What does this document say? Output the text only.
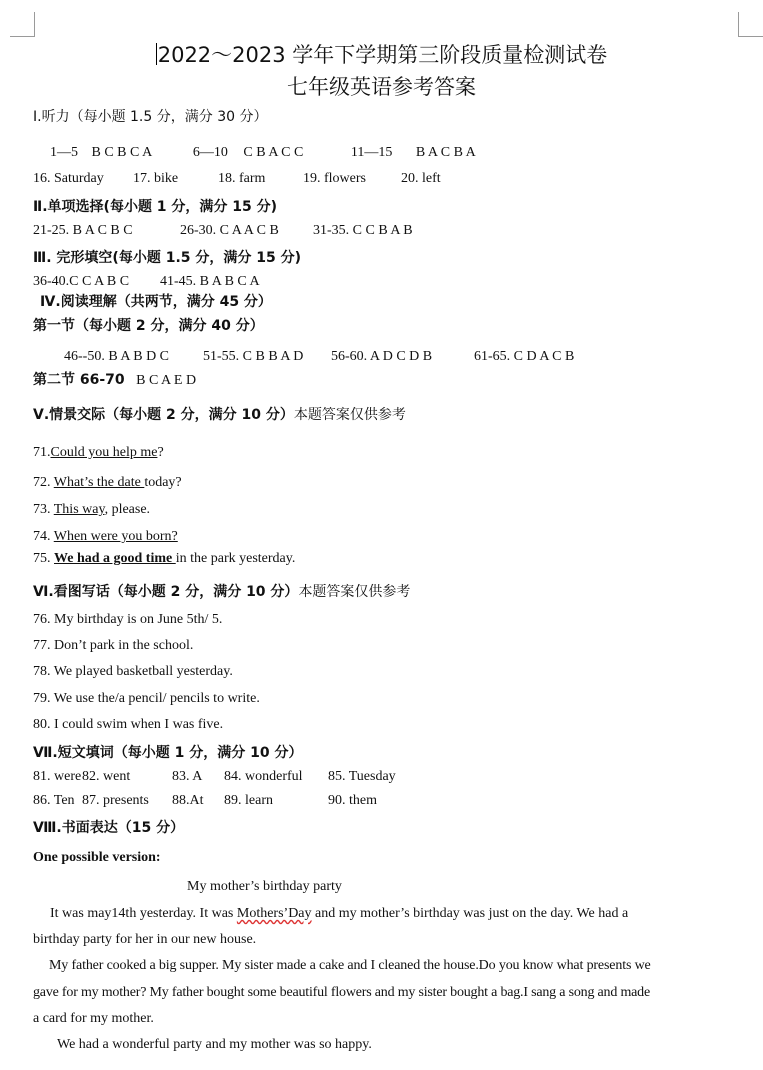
2022～2023 学年下学期第三阶段质量检测试卷
七年级英语参考答案
Ⅰ.听力（每小题 1.5 分，满分 30 分）
1—5 B C B C A	6—10 C B A C C	11—15 B A C B A
16. Saturday 17. bike	18. farm	19. flowers	20. left
Ⅱ.单项选择(每小题 1 分，满分 15 分)
21-25. B A C B C	26-30. C A A C B 31-35. C C B A B
Ⅲ. 完形填空(每小题 1.5 分，满分 15 分)
36-40.C C A B C 41-45. B A B C A
Ⅳ.阅读理解（共两节，满分 45 分）
第一节（每小题 2 分，满分 40 分）
46--50. B A B D C 51-55. C B B A D 56-60. A D C D B	61-65. C D A C B
第二节 66-70 B C A E D
Ⅴ.情景交际（每小题 2 分，满分 10 分）本题答案仅供参考
71.Could you help me?
72. What’s the date today?
73. This way, please.
74. When were you born?
75. We had a good time in the park yesterday.
Ⅵ.看图写话（每小题 2 分，满分 10 分）本题答案仅供参考
76. My birthday is on June 5th/ 5.
77. Don’t park in the school.
78. We played basketball yesterday.
79. We use the/a pencil/ pencils to write.
80. I could swim when I was five.
Ⅶ.短文填词（每小题 1 分，满分 10 分）
81. were82. went	83. A 84. wonderful 85. Tuesday
86. Ten 87. presents 88.At 89. learn	90. them
Ⅷ.书面表达（15 分）
One possible version:
My mother’s birthday party
It was may14th yesterday. It was Mothers’Day and my mother’s birthday was just on the day. We had a
birthday party for her in our new house.
My father cooked a big supper. My sister made a cake and I cleaned the house.Do you know what presents we
gave for my mother? My father bought some beautiful flowers and my sister bought a bag.I sang a song and made
a card for my mother.
We had a wonderful party and my mother was so happy.
